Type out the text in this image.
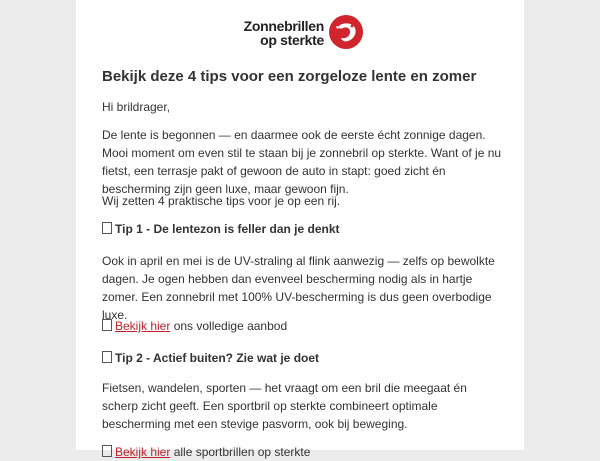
Zonnebrillen
op sterkte
Bekijk deze 4 tips voor een zorgeloze lente en zomer

Hi brildrager,

De lente is begonnen — en daarmee ook de eerste écht zonnige dagen. Mooi moment om even stil te staan bij je zonnebril op sterkte. Want of je nu fietst, een terrasje pakt of gewoon de auto in stapt: goed zicht én bescherming zijn geen luxe, maar gewoon fijn.

Wij zetten 4 praktische tips voor je op een rij.

Tip 1 - De lentezon is feller dan je denkt

Ook in april en mei is de UV-straling al flink aanwezig — zelfs op bewolkte dagen. Je ogen hebben dan evenveel bescherming nodig als in hartje zomer. Een zonnebril met 100% UV-bescherming is dus geen overbodige luxe.

Bekijk hier ons volledige aanbod

Tip 2 - Actief buiten? Zie wat je doet

Fietsen, wandelen, sporten — het vraagt om een bril die meegaat én scherp zicht geeft. Een sportbril op sterkte combineert optimale bescherming met een stevige pasvorm, ook bij beweging.

Bekijk hier alle sportbrillen op sterkte
